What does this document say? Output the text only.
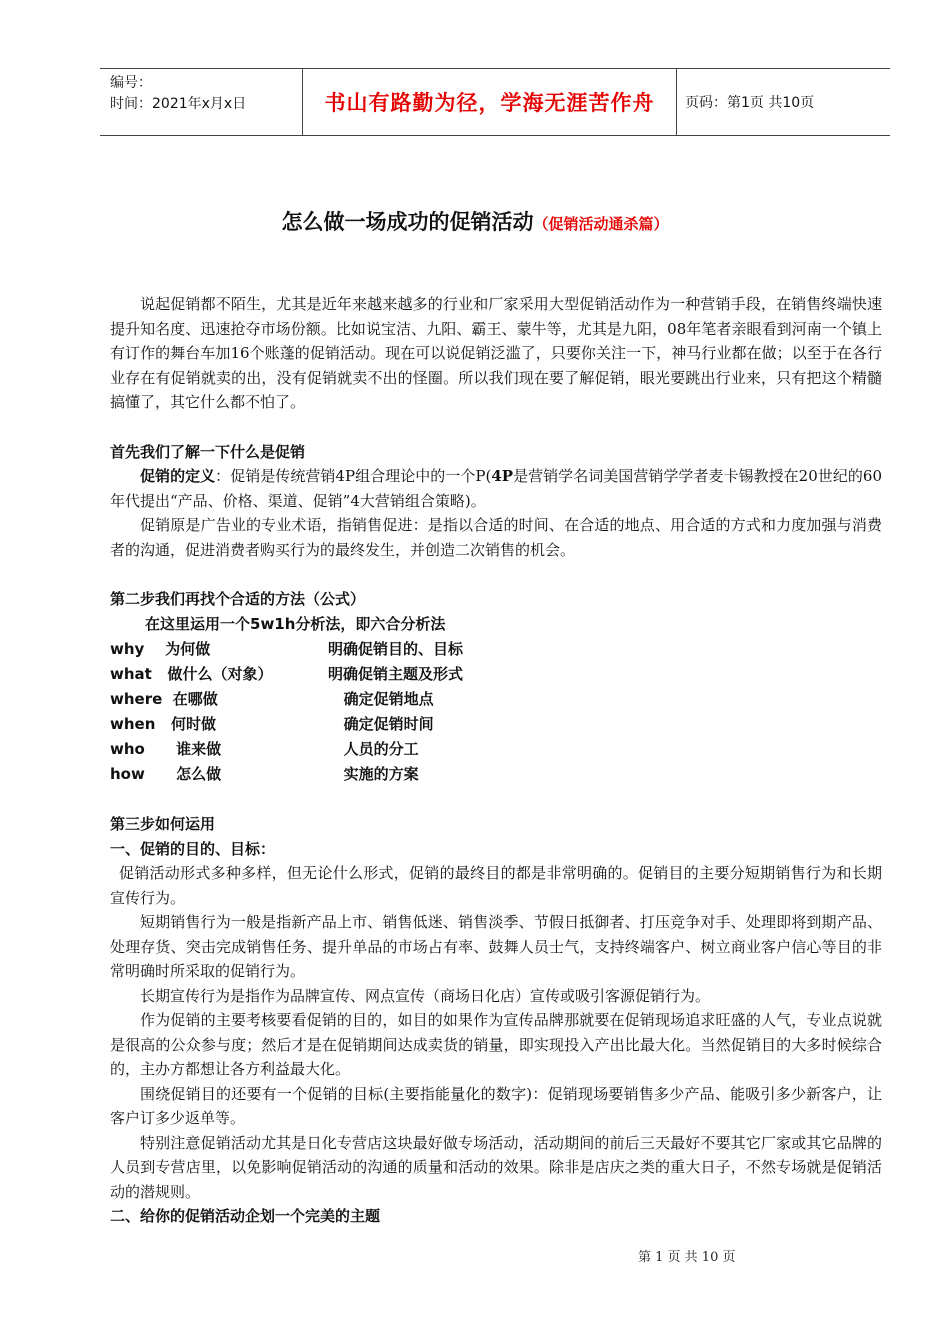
编号：
时间：2021年x月x日	书山有路勤为径，学海无涯苦作舟	页码：第1页 共10页
怎么做一场成功的促销活动（促销活动通杀篇）

说起促销都不陌生，尤其是近年来越来越多的行业和厂家采用大型促销活动作为一种营销手段，在销售终端快速提升知名度、迅速抢夺市场份额。比如说宝洁、九阳、霸王、蒙牛等，尤其是九阳，08年笔者亲眼看到河南一个镇上有订作的舞台车加16个账蓬的促销活动。现在可以说促销泛滥了，只要你关注一下，神马行业都在做；以至于在各行业存在有促销就卖的出，没有促销就卖不出的怪圈。所以我们现在要了解促销，眼光要跳出行业来，只有把这个精髓搞懂了，其它什么都不怕了。

首先我们了解一下什么是促销

促销的定义：促销是传统营销4P组合理论中的一个P(4P是营销学名词美国营销学学者麦卡锡教授在20世纪的60年代提出“产品、价格、渠道、促销”4大营销组合策略)。

促销原是广告业的专业术语，指销售促进：是指以合适的时间、在合适的地点、用合适的方式和力度加强与消费者的沟通，促进消费者购买行为的最终发生，并创造二次销售的机会。

第二步我们再找个合适的方法（公式）
在这里运用一个5w1h分析法，即六合分析法
why    为何做	明确促销目的、目标
what   做什么（对象）	明确促销主题及形式
where  在哪做	确定促销地点
when   何时做	确定促销时间
who      谁来做	人员的分工
how      怎么做	实施的方案
第三步如何运用
一、促销的目的、目标：

促销活动形式多种多样，但无论什么形式，促销的最终目的都是非常明确的。促销目的主要分短期销售行为和长期宣传行为。

短期销售行为一般是指新产品上市、销售低迷、销售淡季、节假日抵御者、打压竞争对手、处理即将到期产品、处理存货、突击完成销售任务、提升单品的市场占有率、鼓舞人员士气，支持终端客户、树立商业客户信心等目的非常明确时所采取的促销行为。

长期宣传行为是指作为品牌宣传、网点宣传（商场日化店）宣传或吸引客源促销行为。

作为促销的主要考核要看促销的目的，如目的如果作为宣传品牌那就要在促销现场追求旺盛的人气，专业点说就是很高的公众参与度；然后才是在促销期间达成卖货的销量，即实现投入产出比最大化。当然促销目的大多时候综合的，主办方都想让各方利益最大化。

围绕促销目的还要有一个促销的目标(主要指能量化的数字)：促销现场要销售多少产品、能吸引多少新客户，让客户订多少返单等。

特别注意促销活动尤其是日化专营店这块最好做专场活动，活动期间的前后三天最好不要其它厂家或其它品牌的人员到专营店里，以免影响促销活动的沟通的质量和活动的效果。除非是店庆之类的重大日子，不然专场就是促销活动的潜规则。

二、给你的促销活动企划一个完美的主题
第 1 页 共 10 页
